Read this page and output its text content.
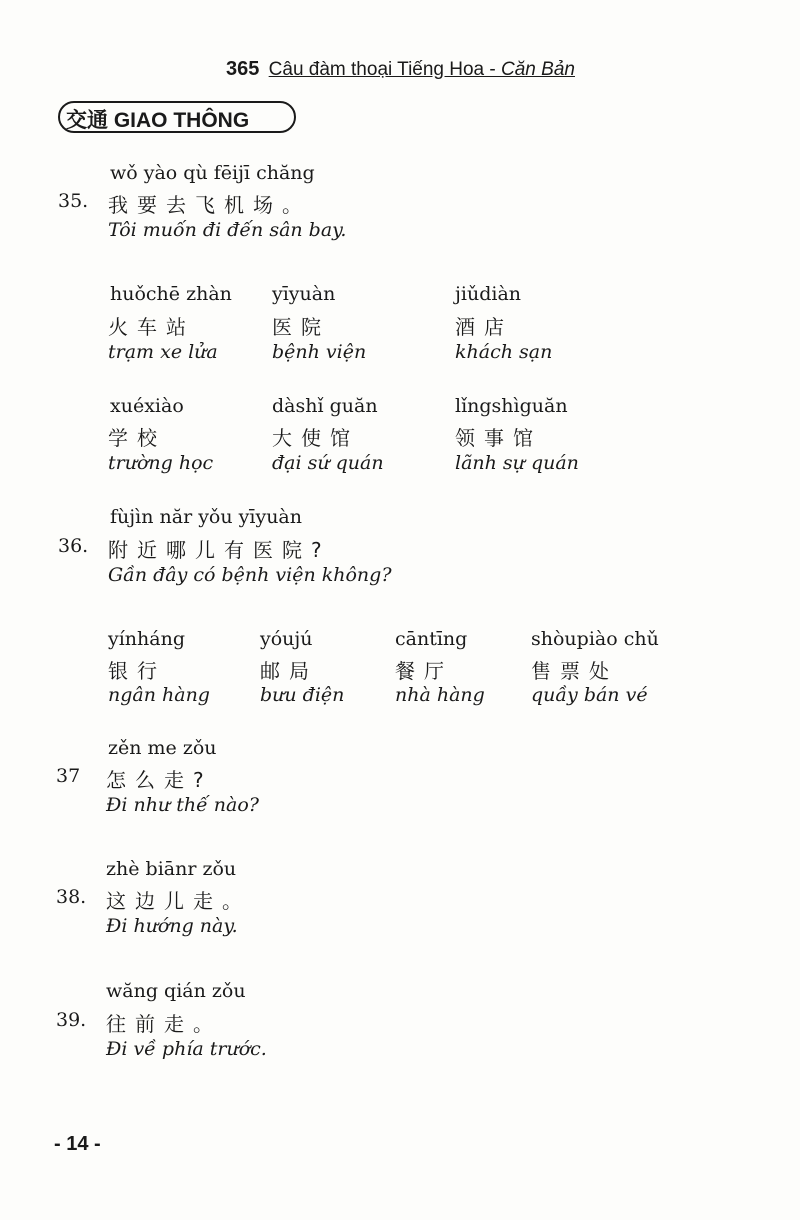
365 Câu đàm thoại Tiếng Hoa - Căn Bản
交通 GIAO THÔNG
wǒ yào qù fēijī chăng
35. 我要去飞机场。
Tôi muốn đi đến sân bay.
huǒchē zhàn
火车站
trạm xe lửa
yīyuàn
医院
bệnh viện
jiǔdiàn
酒店
khách sạn
xuéxiào
学校
trường học
dàshǐ guăn
大使馆
đại sứ quán
lǐngshìguăn
领事馆
lãnh sự quán
fùjìn năr yǒu yīyuàn
36. 附近哪儿有医院?
Gần đây có bệnh viện không?
yínháng
银行
ngân hàng
yóujú
邮局
bưu điện
cāntīng
餐厅
nhà hàng
shòupiào chǔ
售票处
quầy bán vé
zěn me zǒu
37 怎么走?
Đi như thế nào?
zhè biānr zǒu
38. 这边儿走。
Đi hướng này.
wăng qián zǒu
39. 往前走。
Đi về phía trước.
- 14 -
